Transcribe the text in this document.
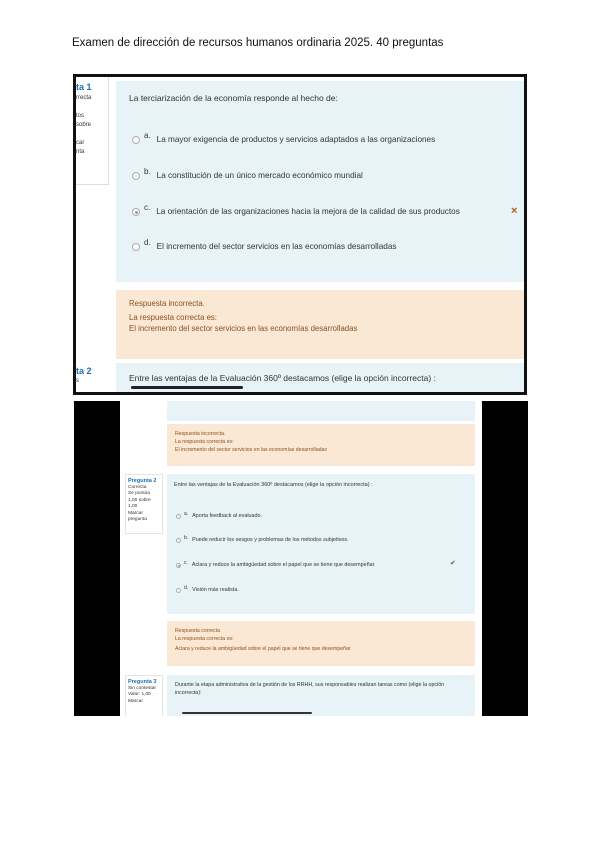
Examen de dirección de recursos humanos ordinaria 2025. 40 preguntas
ta 1
rrecta

tos
sobre

car
nta
La terciarización de la economía responde al hecho de:
a. La mayor exigencia de productos y servicios adaptados a las organizaciones
b. La constitución de un único mercado económico mundial
c. La orientación de las organizaciones hacia la mejora de la calidad de sus productos	×
d. El incremento del sector servicios en las economías desarrolladas
Respuesta incorrecta.
La respuesta correcta es:
El incremento del sector servicios en las economías desarrolladas
ta 2
s	Entre las ventajas de la Evaluación 360º destacamos (elige la opción incorrecta) :
Respuesta incorrecta.
La respuesta correcta es:
El incremento del sector servicios en las economías desarrolladas
Pregunta 2
Correcta
Se puntúa
1,00 sobre
1,00
Marcar
pregunta
Entre las ventajas de la Evaluación 360º destacamos (elige la opción incorrecta) :
a. Aporta feedback al evaluado.
b. Puede reducir los sesgos y problemas de los métodos subjetivos.
c. Aclara y reduce la ambigüedad sobre el papel que se tiene que desempeñar	✔
d. Visión más realista.
Respuesta correcta
La respuesta correcta es:
Aclara y reduce la ambigüedad sobre el papel que se tiene que desempeñar
Pregunta 3
Sin contestar
Valor: 1,00
Marcar
Durante la etapa administrativa de la gestión de los RRHH, sus responsables realizan tareas como (elige la opción incorrecta):
